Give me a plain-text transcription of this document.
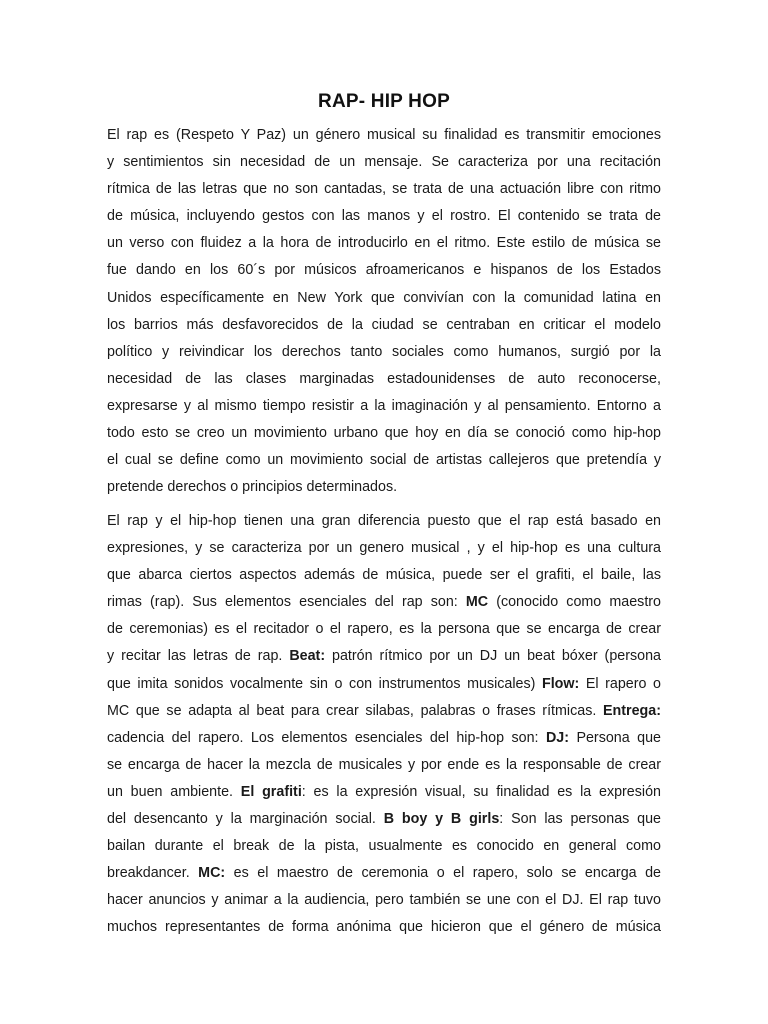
RAP- HIP HOP
El rap es (Respeto Y Paz) un género musical su finalidad es transmitir emociones
y sentimientos sin necesidad de un mensaje. Se caracteriza por una recitación
rítmica de las letras que no son cantadas, se trata de una actuación libre con ritmo
de música, incluyendo gestos con las manos y el rostro. El contenido se trata de
un verso con fluidez a la hora de introducirlo en el ritmo. Este estilo de música se
fue dando en los 60´s por músicos afroamericanos e hispanos de los Estados
Unidos específicamente en New York que convivían con la comunidad latina en
los barrios más desfavorecidos de la ciudad se centraban en criticar el modelo
político y reivindicar los derechos tanto sociales como humanos, surgió por la
necesidad de las clases marginadas estadounidenses de auto reconocerse,
expresarse y al mismo tiempo resistir a la imaginación y al pensamiento. Entorno a
todo esto se creo un movimiento urbano que hoy en día se conoció como hip-hop
el cual se define como un movimiento social de artistas callejeros que pretendía y
pretende derechos o principios determinados.
El rap y el hip-hop tienen una gran diferencia puesto que el rap está basado en
expresiones, y se caracteriza por un genero musical , y el hip-hop es una cultura
que abarca ciertos aspectos además de música, puede ser el grafiti, el baile, las
rimas (rap). Sus elementos esenciales del rap son: MC (conocido como maestro
de ceremonias) es el recitador o el rapero, es la persona que se encarga de crear
y recitar las letras de rap. Beat: patrón rítmico por un DJ un beat bóxer (persona
que imita sonidos vocalmente sin o con instrumentos musicales) Flow: El rapero o
MC que se adapta al beat para crear silabas, palabras o frases rítmicas. Entrega:
cadencia del rapero. Los elementos esenciales del hip-hop son: DJ: Persona que
se encarga de hacer la mezcla de musicales y por ende es la responsable de crear
un buen ambiente. El grafiti: es la expresión visual, su finalidad es la expresión
del desencanto y la marginación social. B boy y B girls: Son las personas que
bailan durante el break de la pista, usualmente es conocido en general como
breakdancer. MC: es el maestro de ceremonia o el rapero, solo se encarga de
hacer anuncios y animar a la audiencia, pero también se une con el DJ. El rap tuvo
muchos representantes de forma anónima que hicieron que el género de música
